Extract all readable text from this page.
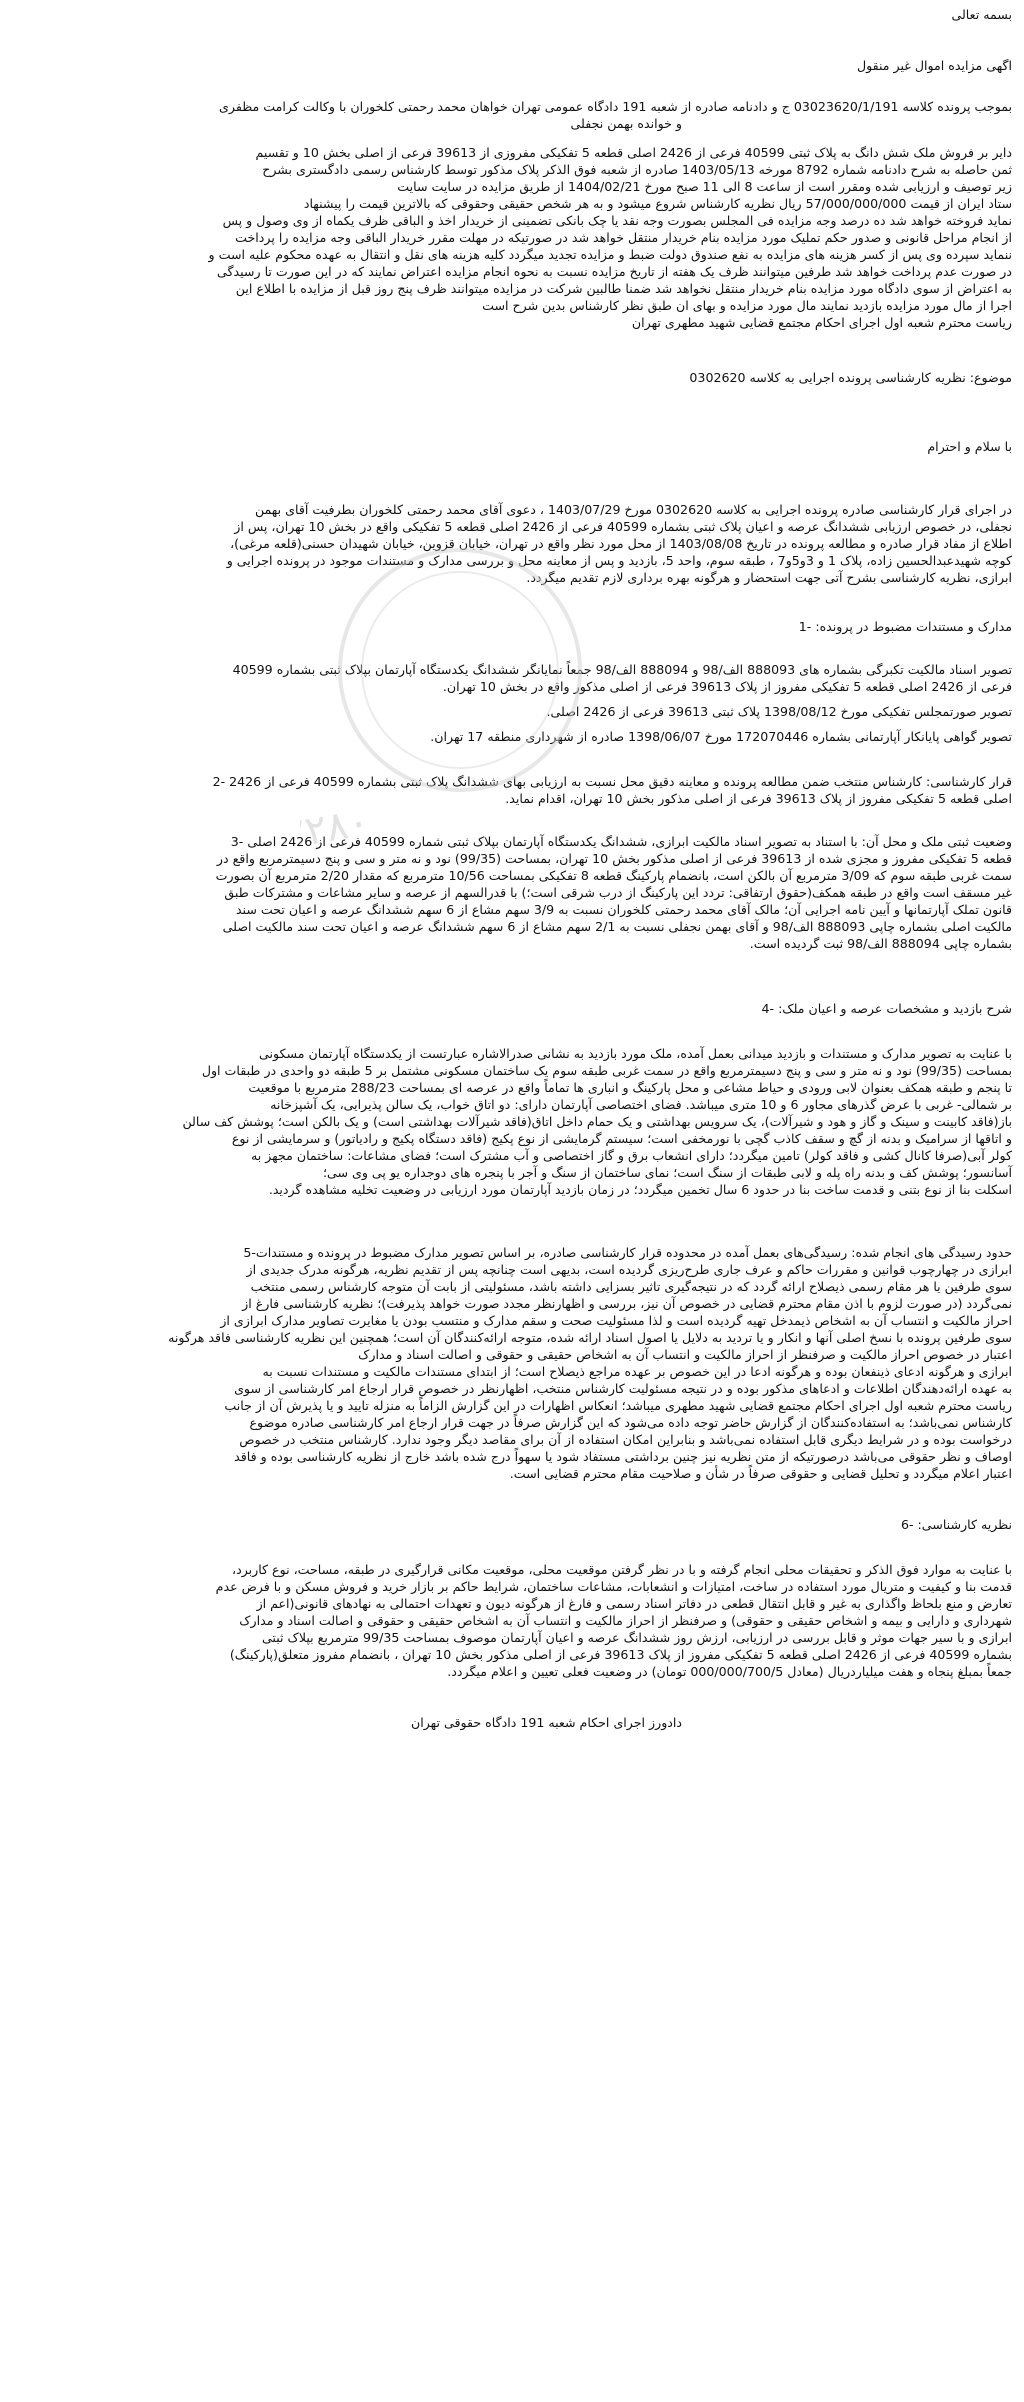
۰۲۱-۹۱۰۰۷۲۸۰

بسمه تعالی

اگهی مزایده اموال غیر منقول

بموجب پرونده کلاسه 03023620/1/191 ج و دادنامه صادره از شعبه 191 دادگاه عمومی تهران خواهان محمد رحمتی کلخوران با وکالت کرامت مظفری

و خوانده بهمن نجفلی

دایر بر فروش ملک شش دانگ به پلاک ثبتی 40599 فرعی از 2426 اصلی قطعه 5 تفکیکی مفروزی از 39613 فرعی از اصلی بخش 10 و تقسیم

ثمن حاصله به شرح دادنامه شماره 8792 مورخه 1403/05/13 صادره از شعبه فوق الذکر پلاک مذکور توسط کارشناس رسمی دادگستری بشرح

زیر توصیف و ارزیابی شده ومقرر است از ساعت 8 الی 11 صبح مورخ 1404/02/21 از طریق مزایده در سایت سایت

ستاد ایران از قیمت 57/000/000/000 ریال نظریه کارشناس شروع میشود و به هر شخص حقیقی وحقوقی که بالاترین قیمت را پیشنهاد

نماید فروخته خواهد شد ده درصد وجه مزایده فی المجلس بصورت وجه نقد یا چک بانکی تضمینی از خریدار اخذ و الباقی ظرف یکماه از وی وصول و پس

از انجام مراحل قانونی و صدور حکم تملیک مورد مزایده بنام خریدار منتقل خواهد شد در صورتیکه در مهلت مقرر خریدار الباقی وجه مزایده را پرداخت

ننماید سپرده وی پس از کسر هزینه های مزایده به نفع صندوق دولت ضبط و مزایده تجدید میگردد کلیه هزینه های نقل و انتقال به عهده محکوم علیه است و

در صورت عدم پرداخت خواهد شد طرفین میتوانند ظرف یک هفته از تاریخ مزایده نسبت به نحوه انجام مزایده اعتراض نمایند که در این صورت تا رسیدگی

به اعتراض از سوی دادگاه مورد مزایده بنام خریدار منتقل نخواهد شد ضمنا طالبین شرکت در مزایده میتوانند ظرف پنج روز قبل از مزایده با اطلاع این

اجرا از مال مورد مزایده بازدید نمایند مال مورد مزایده و بهای ان طبق نظر کارشناس بدین شرح است

ریاست محترم شعبه اول اجرای احکام مجتمع قضایی شهید مطهری تهران

موضوع: نظریه کارشناسی پرونده اجرایی به کلاسه 0302620

با سلام و احترام

در اجرای قرار کارشناسی صادره پرونده اجرایی به کلاسه 0302620 مورخ 1403/07/29 ، دعوی آقای محمد رحمتی کلخوران بطرفیت آقای بهمن

نجفلی، در خصوص ارزیابی ششدانگ عرصه و اعیان پلاک ثبتی بشماره 40599 فرعی از 2426 اصلی قطعه 5 تفکیکی واقع در بخش 10 تهران، پس از

اطلاع از مفاد قرار صادره و مطالعه پرونده در تاریخ 1403/08/08 از محل مورد نظر واقع در تهران، خیابان قزوین، خیابان شهیدان حسنی(قلعه مرغی)،

کوچه شهیدعبدالحسین زاده، پلاک 1 و 3و5و7 ، طبقه سوم، واحد 5، بازدید و پس از معاینه محل و بررسی مدارک و مستندات موجود در پرونده اجرایی و

ابرازی، نظریه کارشناسی بشرح آتی جهت استحضار و هرگونه بهره برداری لازم تقدیم میگردد.

مدارک و مستندات مضبوط در پرونده: -1

تصویر اسناد مالکیت تکبرگی بشماره های 888093 الف/98 و 888094 الف/98 جمعاً نمایانگر ششدانگ یکدستگاه آپارتمان بپلاک ثبتی بشماره 40599

فرعی از 2426 اصلی قطعه 5 تفکیکی مفروز از پلاک 39613 فرعی از اصلی مذکور واقع در بخش 10 تهران.

تصویر صورتمجلس تفکیکی مورخ 1398/08/12 پلاک ثبتی 39613 فرعی از 2426 اصلی.

تصویر گواهی پایانکار آپارتمانی بشماره 172070446 مورخ 1398/06/07 صادره از شهرداری منطقه 17 تهران.

قرار کارشناسی: کارشناس منتخب ضمن مطالعه پرونده و معاینه دقیق محل نسبت به ارزیابی بهای ششدانگ پلاک ثبتی بشماره 40599 فرعی از 2426 -2

اصلی قطعه 5 تفکیکی مفروز از پلاک 39613 فرعی از اصلی مذکور بخش 10 تهران، اقدام نماید.

وضعیت ثبتی ملک و محل آن: با استناد به تصویر اسناد مالکیت ابرازی، ششدانگ یکدستگاه آپارتمان بپلاک ثبتی شماره 40599 فرعی از 2426 اصلی -3

قطعه 5 تفکیکی مفروز و مجزی شده از 39613 فرعی از اصلی مذکور بخش 10 تهران، بمساحت (99/35) نود و نه متر و سی و پنج دسیمترمربع واقع در

سمت غربی طبقه سوم که 3/09 مترمربع آن بالکن است، بانضمام پارکینگ قطعه 8 تفکیکی بمساحت 10/56 مترمربع که مقدار 2/20 مترمربع آن بصورت

غیر مسقف است واقع در طبقه همکف(حقوق ارتفاقی: تردد این پارکینگ از درب شرقی است؛) با قدرالسهم از عرصه و سایر مشاعات و مشترکات طبق

قانون تملک آپارتمانها و آیین نامه اجرایی آن؛ مالک آقای محمد رحمتی کلخوران نسبت به 3/9 سهم مشاع از 6 سهم ششدانگ عرصه و اعیان تحت سند

مالکیت اصلی بشماره چاپی 888093 الف/98 و آقای بهمن نجفلی نسبت به 2/1 سهم مشاع از 6 سهم ششدانگ عرصه و اعیان تحت سند مالکیت اصلی

بشماره چاپی 888094 الف/98 ثبت گردیده است.

شرح بازدید و مشخصات عرصه و اعیان ملک: -4

با عنایت به تصویر مدارک و مستندات و بازدید میدانی بعمل آمده، ملک مورد بازدید به نشانی صدرالاشاره عبارتست از یکدستگاه آپارتمان مسکونی

بمساحت (99/35) نود و نه متر و سی و پنج دسیمترمربع واقع در سمت غربی طبقه سوم یک ساختمان مسکونی مشتمل بر 5 طبقه دو واحدی در طبقات اول

تا پنجم و طبقه همکف بعنوان لابی ورودی و حیاط مشاعی و محل پارکینگ و انباری ها تماماً واقع در عرصه ای بمساحت 288/23 مترمربع با موقعیت

بر شمالی- غربی با عرض گذرهای مجاور 6 و 10 متری میباشد. فضای اختصاصی آپارتمان دارای: دو اتاق خواب، یک سالن پذیرایی، یک آشپزخانه

باز(فاقد کابینت و سینک و گاز و هود و شیرآلات)، یک سرویس بهداشتی و یک حمام داخل اتاق(فاقد شیرآلات بهداشتی است) و یک بالکن است؛ پوشش کف سالن

و اتاقها از سرامیک و بدنه از گچ و سقف کاذب گچی با نورمخفی است؛ سیستم گرمایشی از نوع پکیج (فاقد دستگاه پکیج و رادیاتور) و سرمایشی از نوع

کولر آبی(صرفا کانال کشی و فاقد کولر) تامین میگردد؛ دارای انشعاب برق و گاز اختصاصی و آب مشترک است؛ فضای مشاعات: ساختمان مجهز به

آسانسور؛ پوشش کف و بدنه راه پله و لابی طبقات از سنگ است؛ نمای ساختمان از سنگ و آجر با پنجره های دوجداره یو پی وی سی؛

اسکلت بنا از نوع بتنی و قدمت ساخت بنا در حدود 6 سال تخمین میگردد؛ در زمان بازدید آپارتمان مورد ارزیابی در وضعیت تخلیه مشاهده گردید.

حدود رسیدگی های انجام شده: رسیدگی‌های بعمل آمده در محدوده قرار کارشناسی صادره، بر اساس تصویر مدارک مضبوط در پرونده و مستندات-5

ابرازی در چهارچوب قوانین و مقررات حاکم و عرف جاری طرح‌ریزی گردیده است، بدیهی است چنانچه پس از تقدیم نظریه، هرگونه مدرک جدیدی از

سوی طرفین یا هر مقام رسمی ذیصلاح ارائه گردد که در نتیجه‌گیری تاثیر بسزایی داشته باشد، مسئولیتی از بابت آن متوجه کارشناس رسمی منتخب

نمی‌گردد (در صورت لزوم با اذن مقام محترم قضایی در خصوص آن نیز، بررسی و اظهارنظر مجدد صورت خواهد پذیرفت)؛ نظریه کارشناسی فارغ از

احراز مالکیت و انتساب آن به اشخاص ذیمدخل تهیه گردیده است و لذا مسئولیت صحت و سقم مدارک و منتسب بودن یا مغایرت تصاویر مدارک ابرازی از

سوی طرفین پرونده با نسخ اصلی آنها و انکار و یا تردید به دلایل یا اصول اسناد ارائه شده، متوجه ارائه‌کنندگان آن است؛ همچنین این نظریه کارشناسی فاقد هرگونه

اعتبار در خصوص احراز مالکیت و صرفنظر از احراز مالکیت و انتساب آن به اشخاص حقیقی و حقوقی و اصالت اسناد و مدارک

ابرازی و هرگونه ادعای ذینفعان بوده و هرگونه ادعا در این خصوص بر عهده مراجع ذیصلاح است؛ از ابتدای مستندات مالکیت و مستندات نسبت به

به عهده ارائه‌دهندگان اطلاعات و ادعاهای مذکور بوده و در نتیجه مسئولیت کارشناس منتخب، اظهارنظر در خصوص قرار ارجاع امر کارشناسی از سوی

ریاست محترم شعبه اول اجرای احکام مجتمع قضایی شهید مطهری میباشد؛ انعکاس اظهارات در این گزارش الزاماً به منزله تایید و یا پذیرش آن از جانب

کارشناس نمی‌باشد؛ به استفاده‌کنندگان از گزارش حاضر توجه داده می‌شود که این گزارش صرفاً در جهت قرار ارجاع امر کارشناسی صادره موضوع

درخواست بوده و در شرایط دیگری قابل استفاده نمی‌باشد و بنابراین امکان استفاده از آن برای مقاصد دیگر وجود ندارد. کارشناس منتخب در خصوص

اوصاف و نظر حقوقی می‌باشد درصورتیکه از متن نظریه نیز چنین برداشتی مستفاد شود یا سهواً درج شده باشد خارج از نظریه کارشناسی بوده و فاقد

اعتبار اعلام میگردد و تحلیل قضایی و حقوقی صرفاً در شأن و صلاحیت مقام محترم قضایی است.

نظریه کارشناسی: -6

با عنایت به موارد فوق الذکر و تحقیقات محلی انجام گرفته و با در نظر گرفتن موقعیت محلی، موقعیت مکانی قرارگیری در طبقه، مساحت، نوع کاربرد،

قدمت بنا و کیفیت و متریال مورد استفاده در ساخت، امتیازات و انشعابات، مشاعات ساختمان، شرایط حاکم بر بازار خرید و فروش مسکن و با فرض عدم

تعارض و منع بلحاظ واگذاری به غیر و قابل انتقال قطعی در دفاتر اسناد رسمی و فارغ از هرگونه دیون و تعهدات احتمالی به نهادهای قانونی(اعم از

شهرداری و دارایی و بیمه و اشخاص حقیقی و حقوقی) و صرفنظر از احراز مالکیت و انتساب آن به اشخاص حقیقی و حقوقی و اصالت اسناد و مدارک

ابرازی و با سیر جهات موثر و قابل بررسی در ارزیابی، ارزش روز ششدانگ عرصه و اعیان آپارتمان موصوف بمساحت 99/35 مترمربع بپلاک ثبتی

بشماره 40599 فرعی از 2426 اصلی قطعه 5 تفکیکی مفروز از پلاک 39613 فرعی از اصلی مذکور بخش 10 تهران ، بانضمام مفروز متعلق(پارکینگ)

جمعاً بمبلغ پنجاه و هفت میلیاردریال (معادل 000/000/700/5 تومان) در وضعیت فعلی تعیین و اعلام میگردد.

دادورز اجرای احکام شعبه 191 دادگاه حقوقی تهران
